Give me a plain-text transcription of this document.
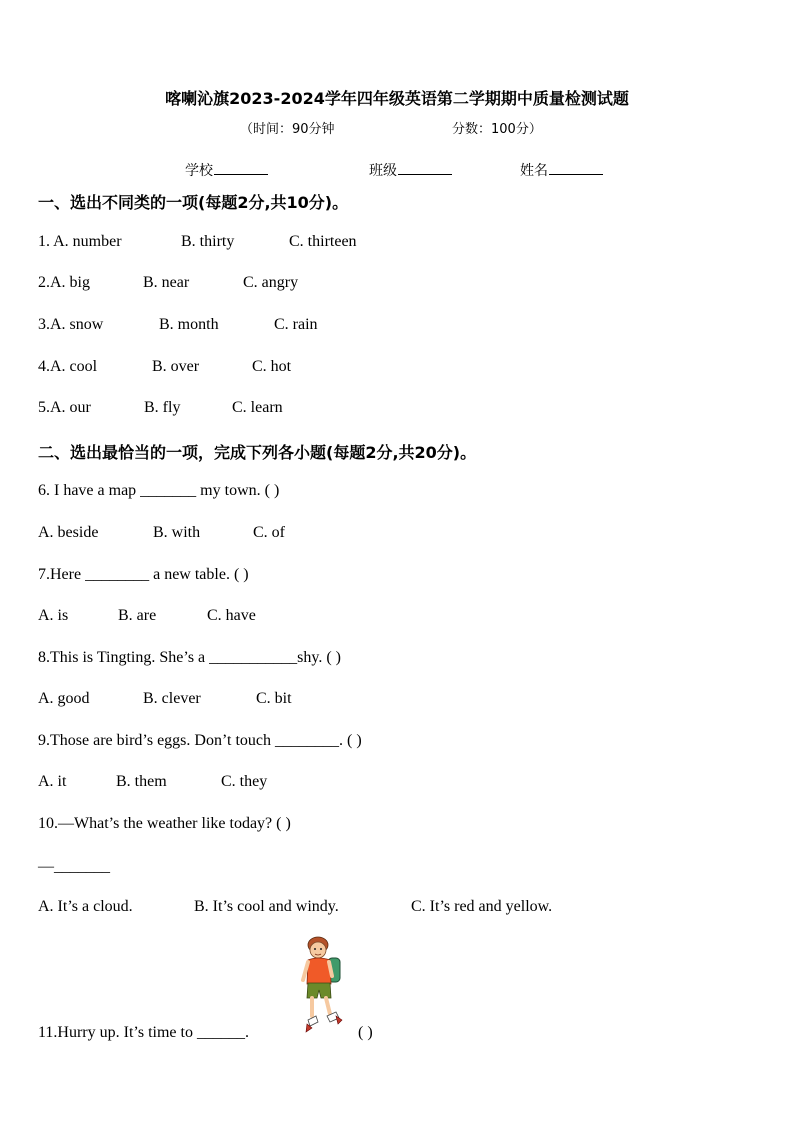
喀喇沁旗2023-2024学年四年级英语第二学期期中质量检测试题
（时间：90分钟	分数：100分）
学校	班级	姓名
一、选出不同类的一项(每题2分,共10分)。
1. A. number	B. thirty	C. thirteen
2.A. big	B. near	C. angry
3.A. snow	B. month	C. rain
4.A. cool	B. over	C. hot
5.A. our	B. fly	C. learn
二、选出最恰当的一项，完成下列各小题(每题2分,共20分)。
6. I have a map _______ my town. ( )
A. beside	B. with	C. of
7.Here ________ a new table. ( )
A. is	B. are	C. have
8.This is Tingting. She’s a ___________shy. ( )
A. good	B. clever	C. bit
9.Those are bird’s eggs. Don’t touch ________. ( )
A. it	B. them	C. they
10.—What’s the weather like today? ( )
—_______
A. It’s a cloud.	B. It’s cool and windy.	C. It’s red and yellow.
11.Hurry up. It’s time to ______.	( )
